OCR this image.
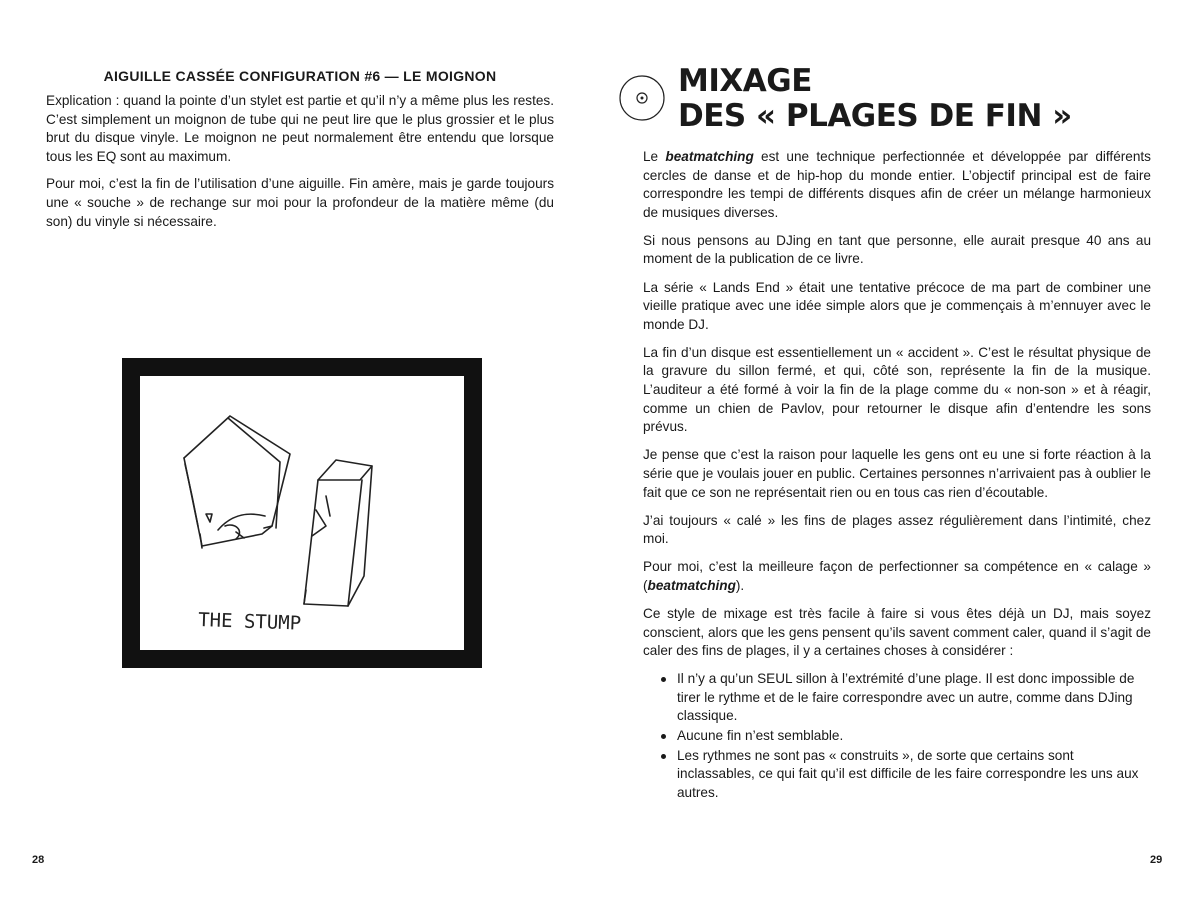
AIGUILLE CASSÉE CONFIGURATION #6 — LE MOIGNON

Explication : quand la pointe d’un stylet est partie et qu’il n’y a même plus les restes. C’est simplement un moignon de tube qui ne peut lire que le plus grossier et le plus brut du disque vinyle. Le moignon ne peut normalement être entendu que lorsque tous les EQ sont au maximum.

Pour moi, c’est la fin de l’utilisation d’une aiguille. Fin amère, mais je garde toujours une « souche » de rechange sur moi pour la profondeur de la matière même (du son) du vinyle si nécessaire.

THE STUMP
28
MIXAGE
DES « PLAGES DE FIN »

Le beatmatching est une technique perfectionnée et développée par différents cercles de danse et de hip-hop du monde entier. L’objectif principal est de faire correspondre les tempi de différents disques afin de créer un mélange harmonieux de musiques diverses.

Si nous pensons au DJing en tant que personne, elle aurait presque 40 ans au moment de la publication de ce livre.

La série « Lands End » était une tentative précoce de ma part de combiner une vieille pratique avec une idée simple alors que je commençais à m’ennuyer avec le monde DJ.

La fin d’un disque est essentiellement un « accident ». C’est le résultat physique de la gravure du sillon fermé, et qui, côté son, représente la fin de la musique. L’auditeur a été formé à voir la fin de la plage comme du « non-son » et à réagir, comme un chien de Pavlov, pour retourner le disque afin d’entendre les sons prévus.

Je pense que c’est la raison pour laquelle les gens ont eu une si forte réaction à la série que je voulais jouer en public. Certaines personnes n’arrivaient pas à oublier le fait que ce son ne représentait rien ou en tous cas rien d’écoutable.

J’ai toujours « calé » les fins de plages assez régulièrement dans l’intimité, chez moi.

Pour moi, c’est la meilleure façon de perfectionner sa compétence en « calage » (beatmatching).

Ce style de mixage est très facile à faire si vous êtes déjà un DJ, mais soyez conscient, alors que les gens pensent qu’ils savent comment caler, quand il s’agit de caler des fins de plages, il y a certaines choses à considérer :

Il n’y a qu’un SEUL sillon à l’extrémité d’une plage. Il est donc impossible de tirer le rythme et de le faire correspondre avec un autre, comme dans DJing classique.
Aucune fin n’est semblable.
Les rythmes ne sont pas « construits », de sorte que certains sont inclassables, ce qui fait qu’il est difficile de les faire correspondre les uns aux autres.
29
